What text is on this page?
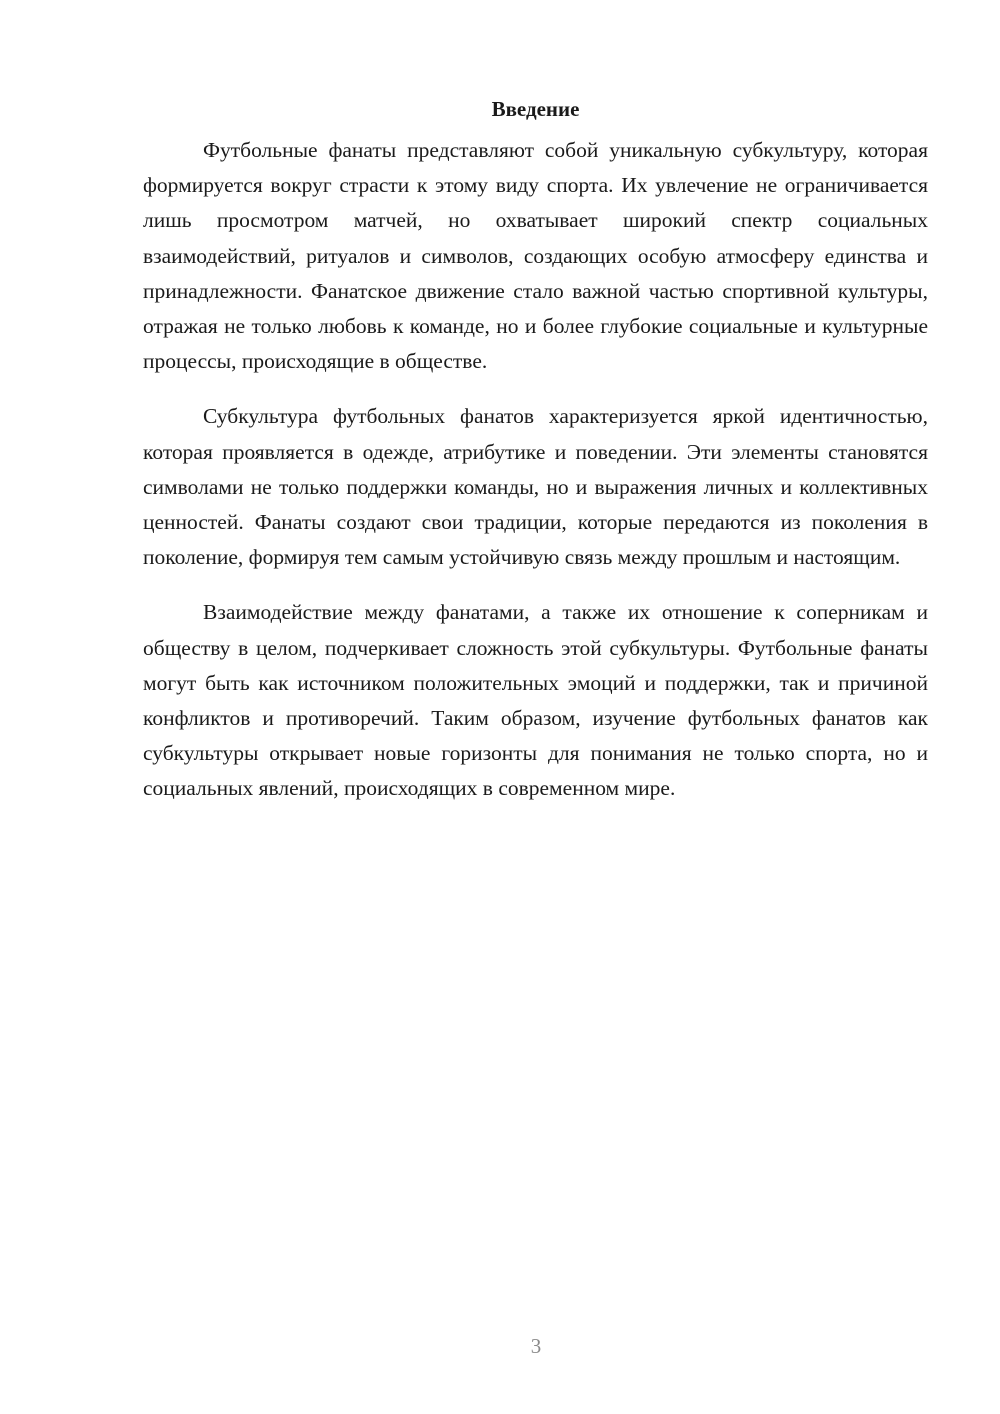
Введение

Футбольные фанаты представляют собой уникальную субкультуру, которая формируется вокруг страсти к этому виду спорта. Их увлечение не ограничивается лишь просмотром матчей, но охватывает широкий спектр социальных взаимодействий, ритуалов и символов, создающих особую атмосферу единства и принадлежности. Фанатское движение стало важной частью спортивной культуры, отражая не только любовь к команде, но и более глубокие социальные и культурные процессы, происходящие в обществе.

Субкультура футбольных фанатов характеризуется яркой идентичностью, которая проявляется в одежде, атрибутике и поведении. Эти элементы становятся символами не только поддержки команды, но и выражения личных и коллективных ценностей. Фанаты создают свои традиции, которые передаются из поколения в поколение, формируя тем самым устойчивую связь между прошлым и настоящим.

Взаимодействие между фанатами, а также их отношение к соперникам и обществу в целом, подчеркивает сложность этой субкультуры. Футбольные фанаты могут быть как источником положительных эмоций и поддержки, так и причиной конфликтов и противоречий. Таким образом, изучение футбольных фанатов как субкультуры открывает новые горизонты для понимания не только спорта, но и социальных явлений, происходящих в современном мире.

3
